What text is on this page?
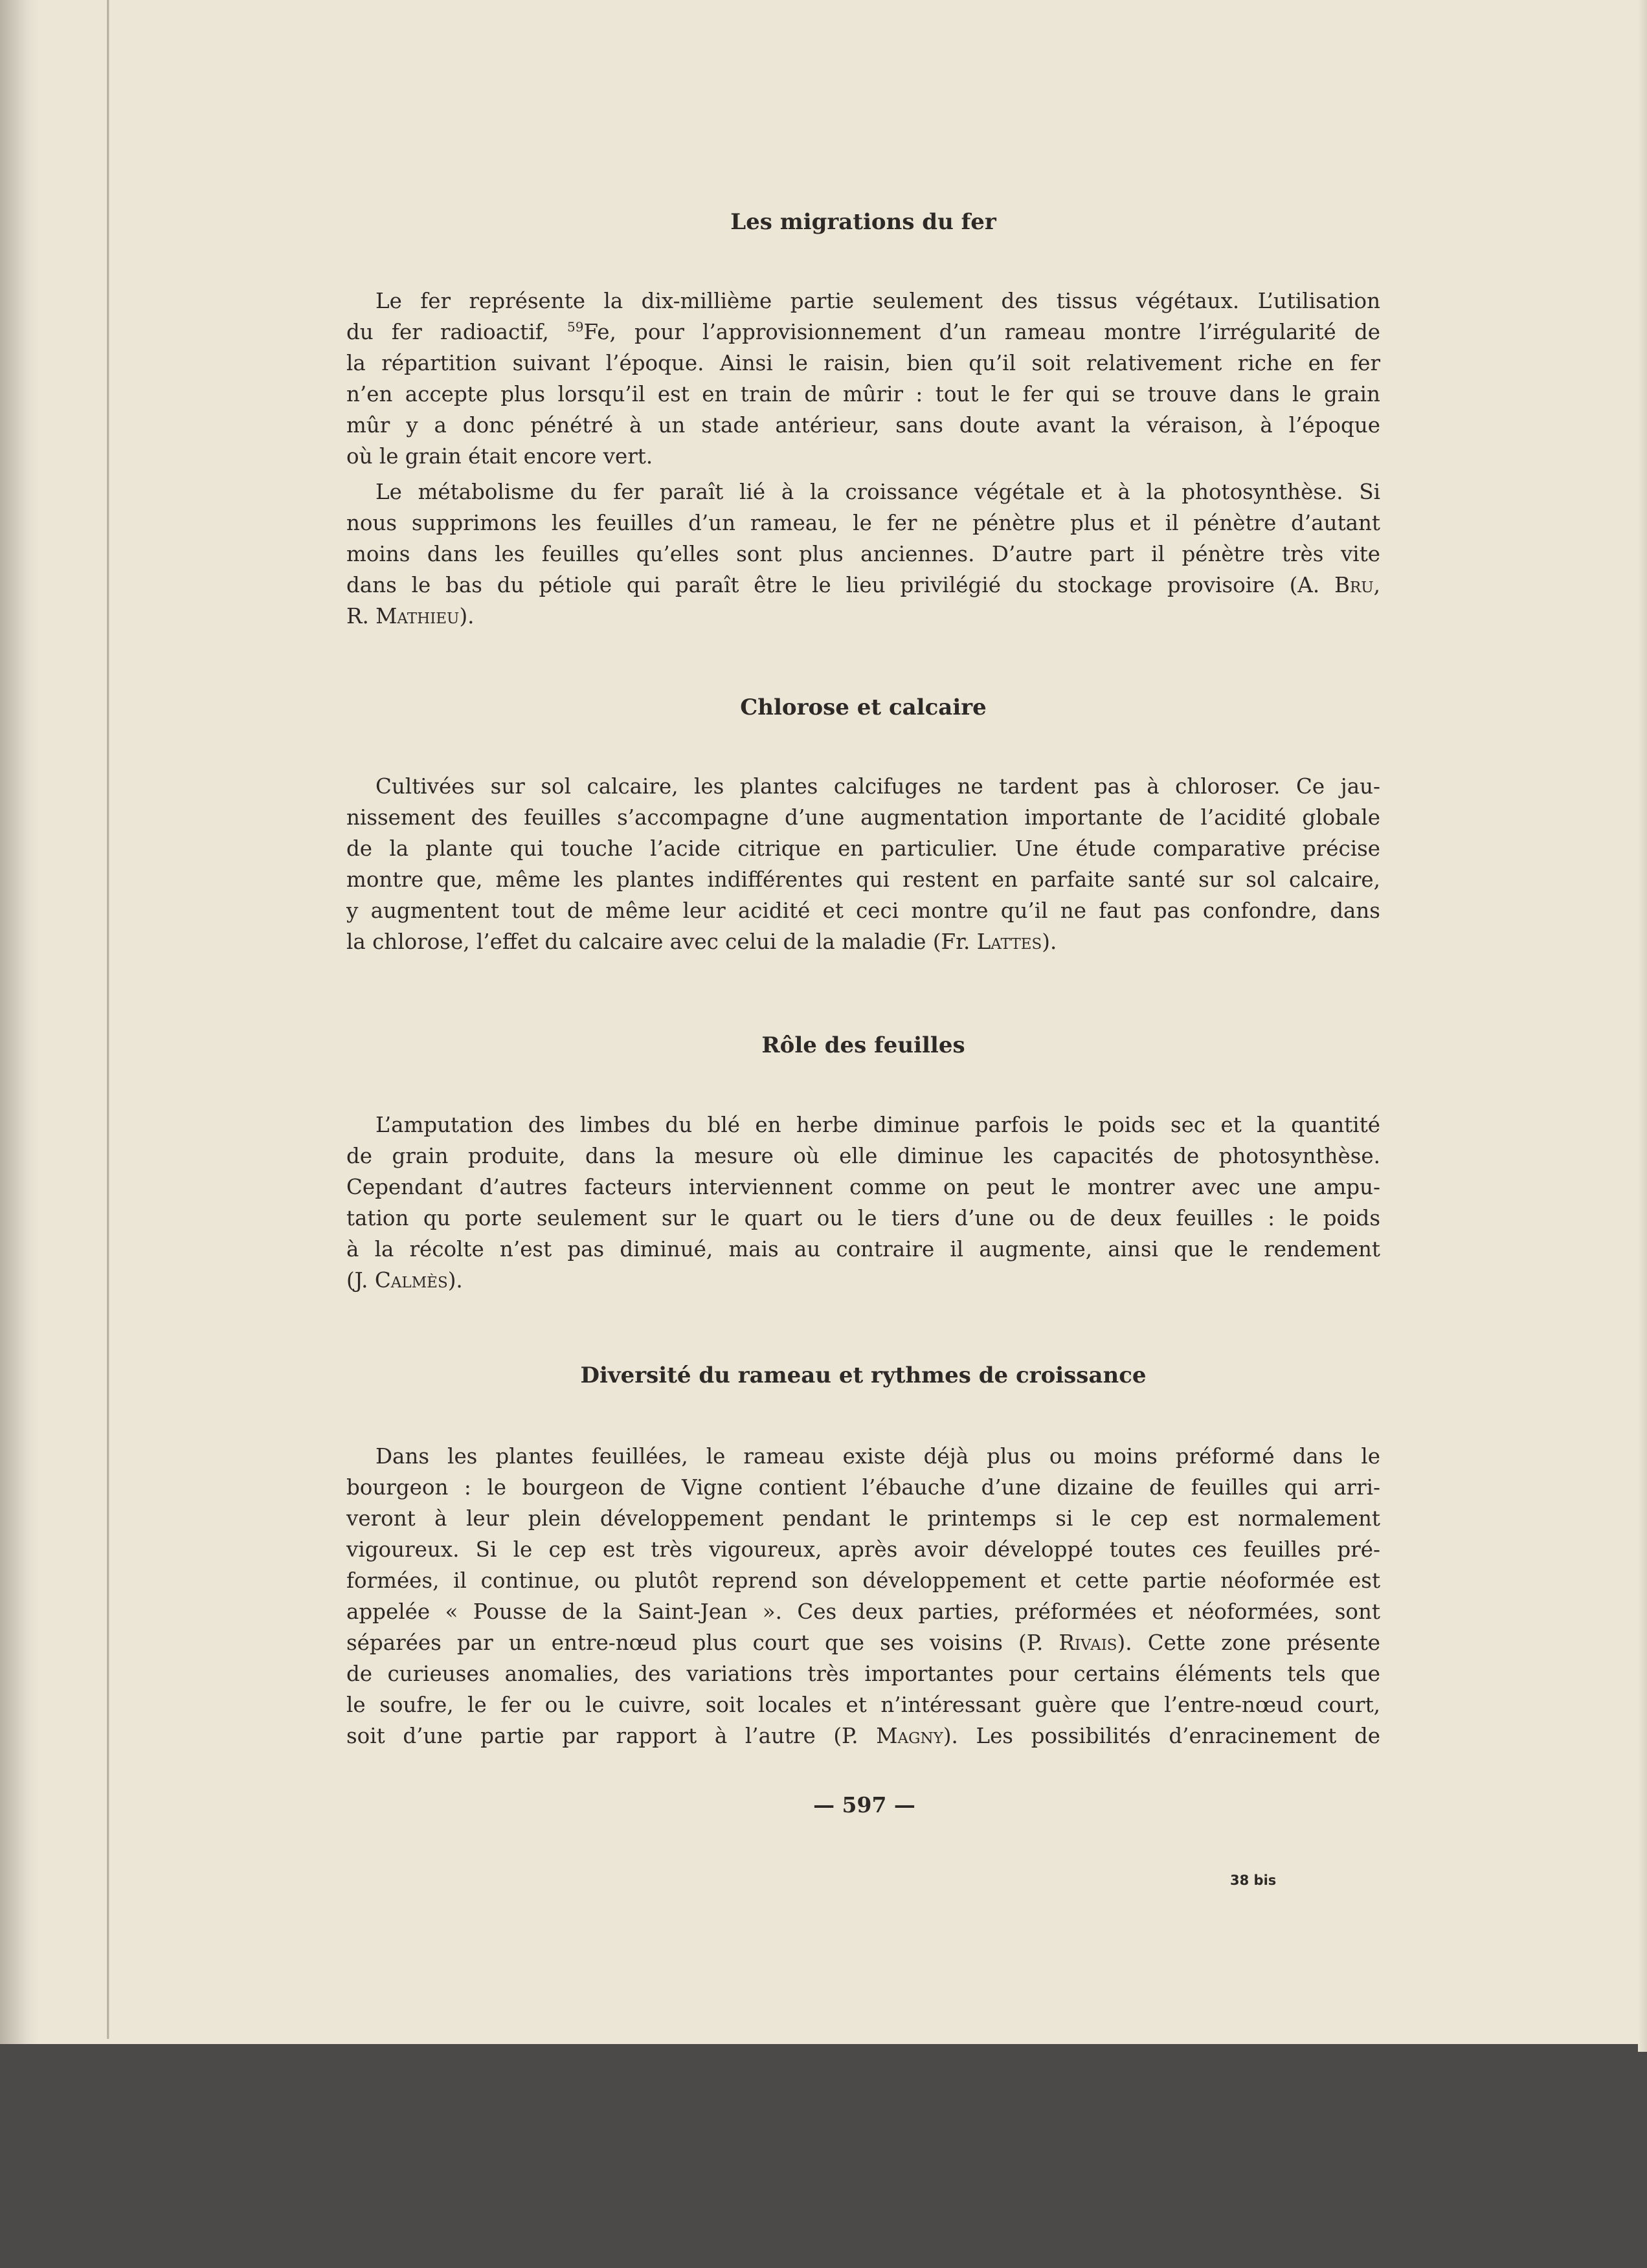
Les migrations du fer
Le fer représente la dix-millième partie seulement des tissus végétaux. L’utilisation
du fer radioactif, $^{59}$Fe, pour l’approvisionnement d’un rameau montre l’irrégularité de
la répartition suivant l’époque. Ainsi le raisin, bien qu’il soit relativement riche en fer
n’en accepte plus lorsqu’il est en train de mûrir : tout le fer qui se trouve dans le grain
mûr y a donc pénétré à un stade antérieur, sans doute avant la véraison, à l’époque
où le grain était encore vert.
Le métabolisme du fer paraît lié à la croissance végétale et à la photosynthèse. Si
nous supprimons les feuilles d’un rameau, le fer ne pénètre plus et il pénètre d’autant
moins dans les feuilles qu’elles sont plus anciennes. D’autre part il pénètre très vite
dans le bas du pétiole qui paraît être le lieu privilégié du stockage provisoire (A. Bru,
R. Mathieu).
Chlorose et calcaire
Cultivées sur sol calcaire, les plantes calcifuges ne tardent pas à chloroser. Ce jau-
nissement des feuilles s’accompagne d’une augmentation importante de l’acidité globale
de la plante qui touche l’acide citrique en particulier. Une étude comparative précise
montre que, même les plantes indifférentes qui restent en parfaite santé sur sol calcaire,
y augmentent tout de même leur acidité et ceci montre qu’il ne faut pas confondre, dans
la chlorose, l’effet du calcaire avec celui de la maladie (Fr. Lattes).
Rôle des feuilles
L’amputation des limbes du blé en herbe diminue parfois le poids sec et la quantité
de grain produite, dans la mesure où elle diminue les capacités de photosynthèse.
Cependant d’autres facteurs interviennent comme on peut le montrer avec une ampu-
tation qu porte seulement sur le quart ou le tiers d’une ou de deux feuilles : le poids
à la récolte n’est pas diminué, mais au contraire il augmente, ainsi que le rendement
(J. Calmès).
Diversité du rameau et rythmes de croissance
Dans les plantes feuillées, le rameau existe déjà plus ou moins préformé dans le
bourgeon : le bourgeon de Vigne contient l’ébauche d’une dizaine de feuilles qui arri-
veront à leur plein développement pendant le printemps si le cep est normalement
vigoureux. Si le cep est très vigoureux, après avoir développé toutes ces feuilles pré-
formées, il continue, ou plutôt reprend son développement et cette partie néoformée est
appelée « Pousse de la Saint-Jean ». Ces deux parties, préformées et néoformées, sont
séparées par un entre-nœud plus court que ses voisins (P. Rivais). Cette zone présente
de curieuses anomalies, des variations très importantes pour certains éléments tels que
le soufre, le fer ou le cuivre, soit locales et n’intéressant guère que l’entre-nœud court,
soit d’une partie par rapport à l’autre (P. Magny). Les possibilités d’enracinement de
— 597 —
38 bis
